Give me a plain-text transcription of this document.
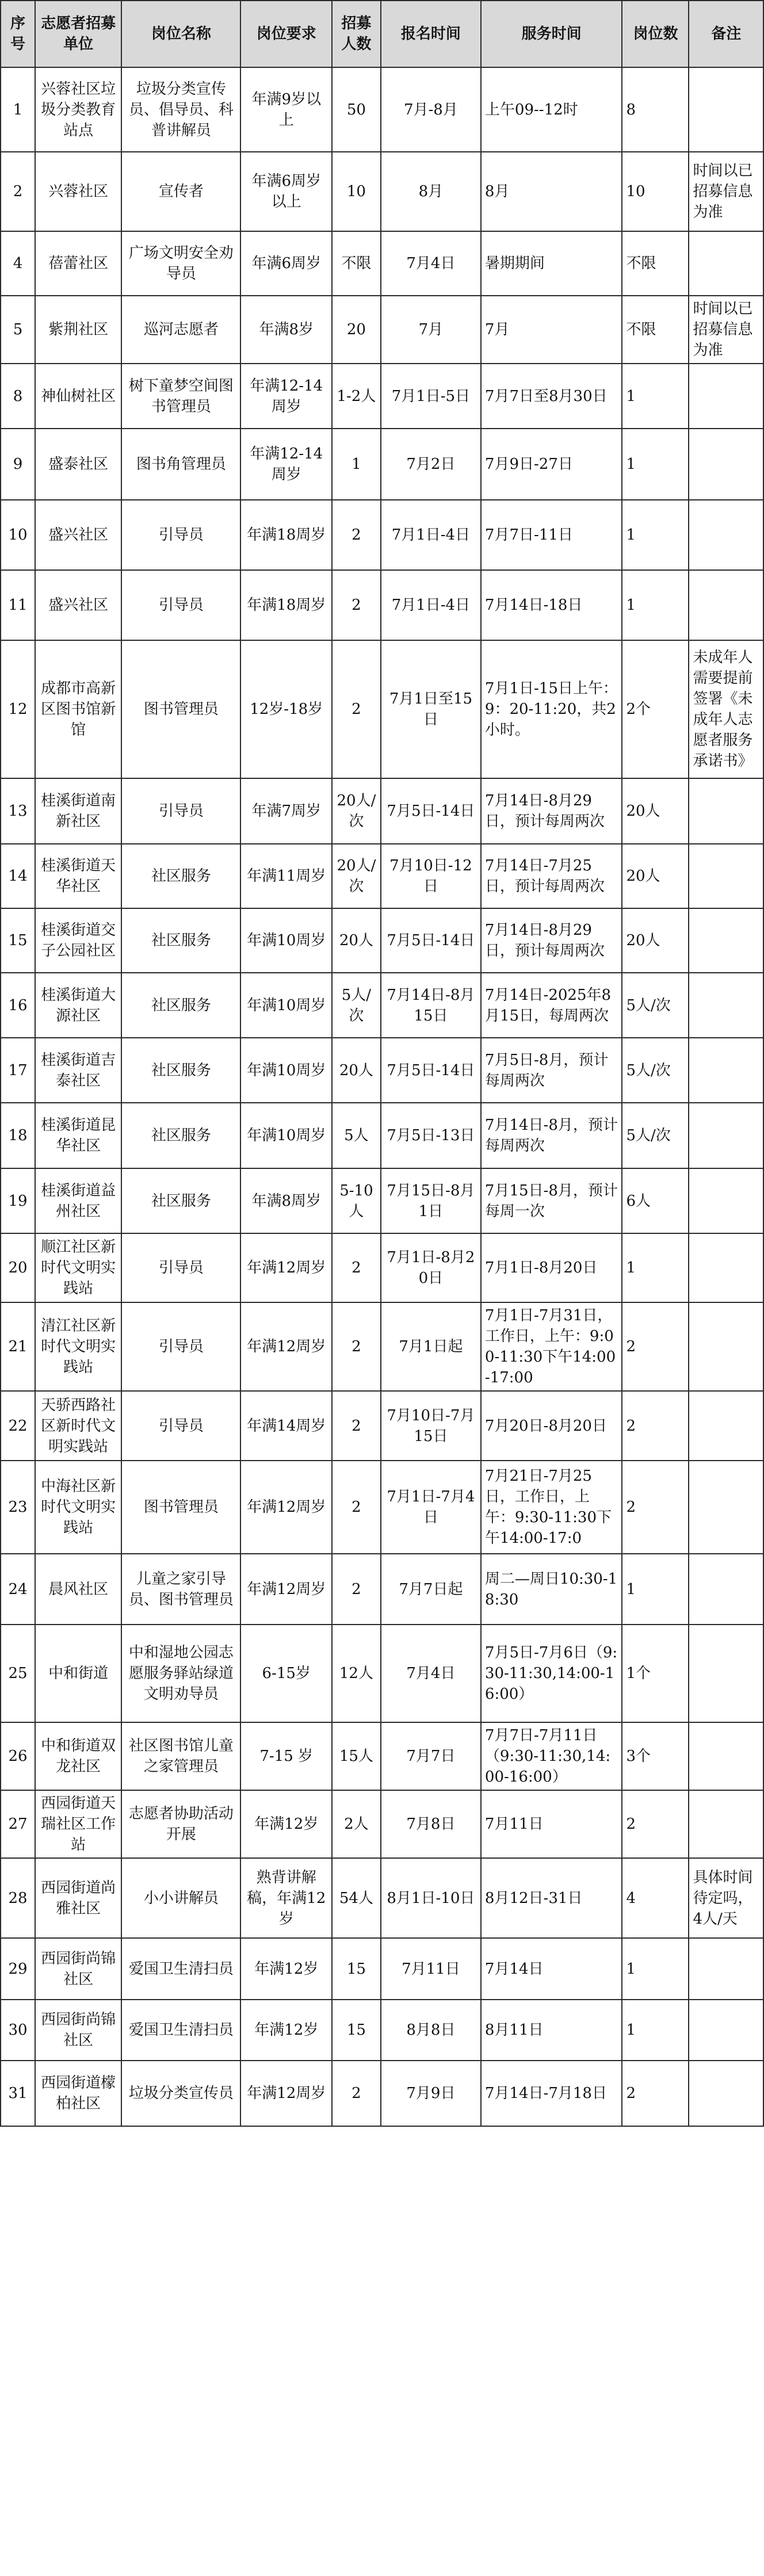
序号	志愿者招募单位	岗位名称	岗位要求	招募人数	报名时间	服务时间	岗位数	备注
1	兴蓉社区垃圾分类教育站点	垃圾分类宣传员、倡导员、科普讲解员	年满9岁以上	50	7月-8月	上午09--12时	8	
2	兴蓉社区	宣传者	年满6周岁以上	10	8月	8月	10	时间以已招募信息为准
4	蓓蕾社区	广场文明安全劝导员	年满6周岁	不限	7月4日	暑期期间	不限	
5	紫荆社区	巡河志愿者	年满8岁	20	7月	7月	不限	时间以已招募信息为准
8	神仙树社区	树下童梦空间图书管理员	年满12-14周岁	1-2人	7月1日-5日	7月7日至8月30日	1	
9	盛泰社区	图书角管理员	年满12-14周岁	1	7月2日	7月9日-27日	1	
10	盛兴社区	引导员	年满18周岁	2	7月1日-4日	7月7日-11日	1	
11	盛兴社区	引导员	年满18周岁	2	7月1日-4日	7月14日-18日	1	
12	成都市高新区图书馆新馆	图书管理员	12岁-18岁	2	7月1日至15日	7月1日-15日上午：9：20-11:20，共2小时。	2个	未成年人需要提前签署《未成年人志愿者服务承诺书》
13	桂溪街道南新社区	引导员	年满7周岁	20人/次	7月5日-14日	7月14日-8月29日，预计每周两次	20人	
14	桂溪街道天华社区	社区服务	年满11周岁	20人/次	7月10日-12日	7月14日-7月25日，预计每周两次	20人	
15	桂溪街道交子公园社区	社区服务	年满10周岁	20人	7月5日-14日	7月14日-8月29日，预计每周两次	20人	
16	桂溪街道大源社区	社区服务	年满10周岁	5人/次	7月14日-8月15日	7月14日-2025年8月15日，每周两次	5人/次	
17	桂溪街道吉泰社区	社区服务	年满10周岁	20人	7月5日-14日	7月5日-8月，预计每周两次	5人/次	
18	桂溪街道昆华社区	社区服务	年满10周岁	5人	7月5日-13日	7月14日-8月，预计每周两次	5人/次	
19	桂溪街道益州社区	社区服务	年满8周岁	5-10人	7月15日-8月1日	7月15日-8月，预计每周一次	6人	
20	顺江社区新时代文明实践站	引导员	年满12周岁	2	7月1日-8月20日	7月1日-8月20日	1	
21	清江社区新时代文明实践站	引导员	年满12周岁	2	7月1日起	7月1日-7月31日，工作日，上午：9:00-11:30下午14:00-17:00	2	
22	天骄西路社区新时代文明实践站	引导员	年满14周岁	2	7月10日-7月15日	7月20日-8月20日	2	
23	中海社区新时代文明实践站	图书管理员	年满12周岁	2	7月1日-7月4日	7月21日-7月25日，工作日，上午：9:30-11:30下午14:00-17:0	2	
24	晨风社区	儿童之家引导员、图书管理员	年满12周岁	2	7月7日起	周二—周日10:30-18:30	1	
25	中和街道	中和湿地公园志愿服务驿站绿道文明劝导员	6-15岁	12人	7月4日	7月5日-7月6日（9:30-11:30,14:00-16:00）	1个	
26	中和街道双龙社区	社区图书馆儿童之家管理员	7-15 岁	15人	7月7日	7月7日-7月11日（9:30-11:30,14:00-16:00）	3个	
27	西园街道天瑞社区工作站	志愿者协助活动开展	年满12岁	2人	7月8日	7月11日	2	
28	西园街道尚雅社区	小小讲解员	熟背讲解稿，年满12岁	54人	8月1日-10日	8月12日-31日	4	具体时间待定吗，4人/天
29	西园街尚锦社区	爱国卫生清扫员	年满12岁	15	7月11日	7月14日	1	
30	西园街尚锦社区	爱国卫生清扫员	年满12岁	15	8月8日	8月11日	1	
31	西园街道檬柏社区	垃圾分类宣传员	年满12周岁	2	7月9日	7月14日-7月18日	2	
